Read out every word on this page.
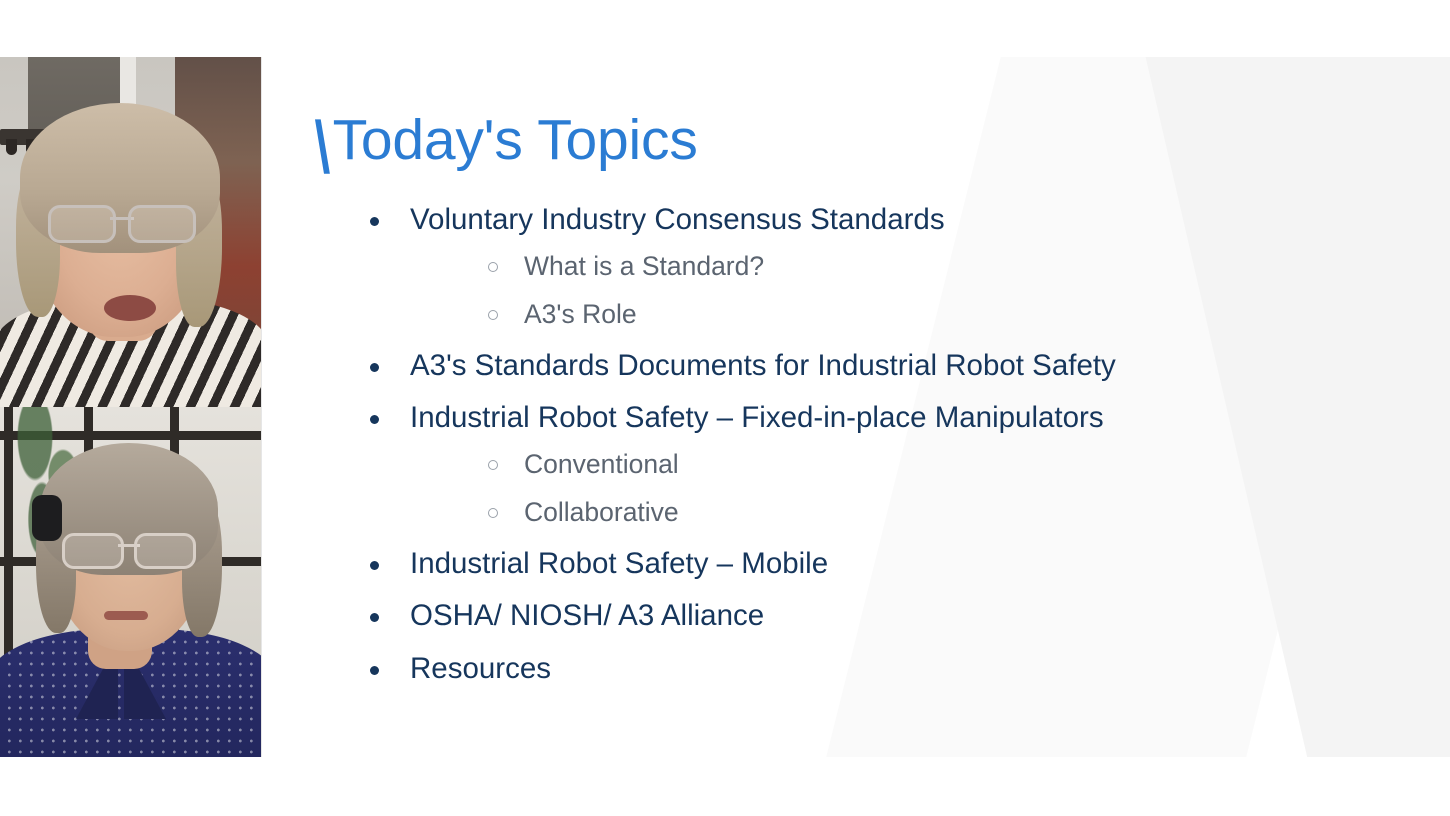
\
Today's Topics
Voluntary Industry Consensus Standards
What is a Standard?
A3's Role
A3's Standards Documents for Industrial Robot Safety
Industrial Robot Safety – Fixed-in-place Manipulators
Conventional
Collaborative
Industrial Robot Safety – Mobile
OSHA/ NIOSH/ A3 Alliance
Resources
